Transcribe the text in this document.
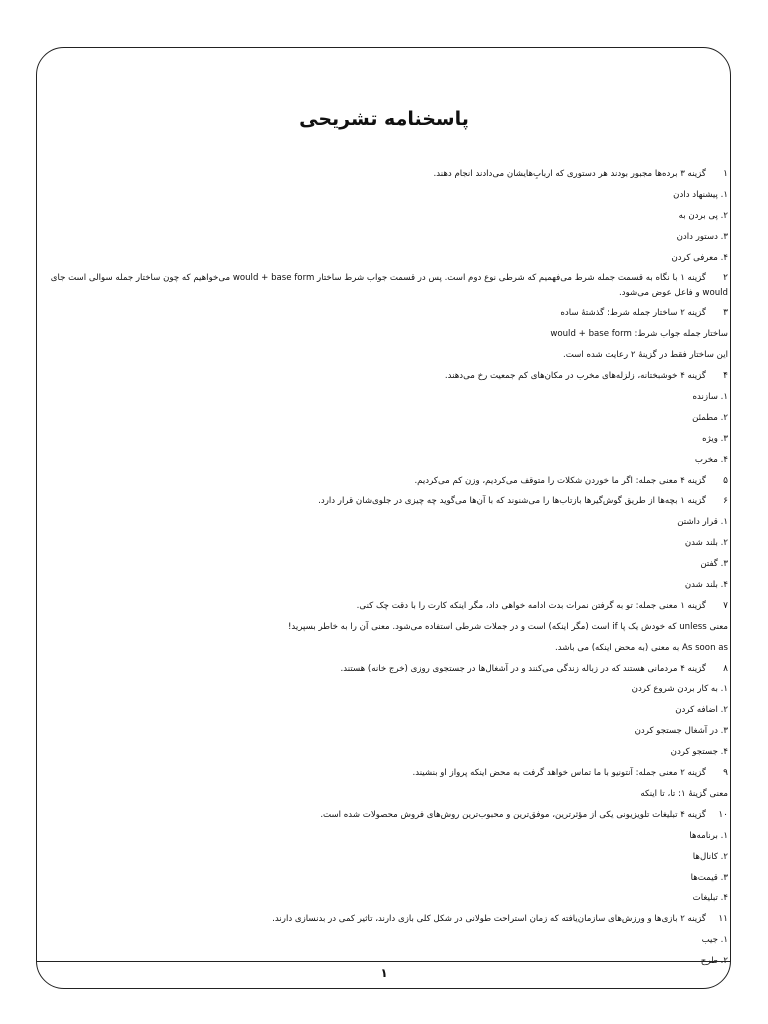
پاسخنامه تشریحی
۱گزینه ۳ برده‌ها مجبور بودند هر دستوری که اربابِ‌هایشان می‌دادند انجام دهند.
۱. پیشنهاد دادن
۲. پی بردن به
۳. دستور دادن
۴. معرفی کردن
۲گزینه ۱ با نگاه به قسمت جمله شرط می‌فهمیم که شرطی نوع دوم است. پس در قسمت جواب شرط ساختار would + base form می‌خواهیم که چون ساختار جمله سوالی است جای would و فاعل عوض می‌شود.
۳گزینه ۲ ساختار جمله شرط: گذشتهٔ ساده
ساختار جمله جواب شرط: would + base form
این ساختار فقط در گزینهٔ ۲ رعایت شده است.
۴گزینه ۴ خوشبختانه، زلزله‌های مخرب در مکان‌های کم جمعیت رخ می‌دهند.
۱. سازنده
۲. مطمئن
۳. ویژه
۴. مخرب
۵گزینه ۴ معنی جمله: اگر ما خوردن شکلات را متوقف می‌کردیم، وزن کم می‌کردیم.
۶گزینه ۱ بچه‌ها از طریق گوش‌گیرها بازتاب‌ها را می‌شنوند که با آن‌ها می‌گوید چه چیزی در جلوی‌شان قرار دارد.
۱. قرار داشتن
۲. بلند شدن
۳. گفتن
۴. بلند شدن
۷گزینه ۱ معنی جمله: تو به گرفتن نمرات بدت ادامه خواهی داد، مگر اینکه کارت را با دقت چک کنی.
معنی unless که خودش یک پا if است (مگر اینکه) است و در جملات شرطی استفاده می‌شود. معنی آن را به خاطر بسپرید!
As soon as به معنی (به محض اینکه) می باشد.
۸گزینه ۴ مردمانی هستند که در زباله زندگی می‌کنند و در آشغال‌ها در جستجوی روزی (خرج خانه) هستند.
۱. به کار بردن شروع کردن
۲. اضافه کردن
۳. در آشغال جستجو کردن
۴. جستجو کردن
۹گزینه ۲ معنی جمله: آنتونیو با ما تماس خواهد گرفت به محض اینکه پرواز او بنشیند.
معنی گزینهٔ ۱: تا، تا اینکه
۱۰گزینه ۴ تبلیغات تلویزیونی یکی از مؤثرترین، موفق‌ترین و محبوب‌ترین روش‌های فروش محصولات شده است.
۱. برنامه‌ها
۲. کانال‌ها
۳. قیمت‌ها
۴. تبلیغات
۱۱گزینه ۲ بازی‌ها و ورزش‌های سازمان‌یافته که زمان استراحت طولانی در شکل کلی بازی دارند، تاثیر کمی در بدنسازی دارند.
۱. جیب
۲. طرح
۱
